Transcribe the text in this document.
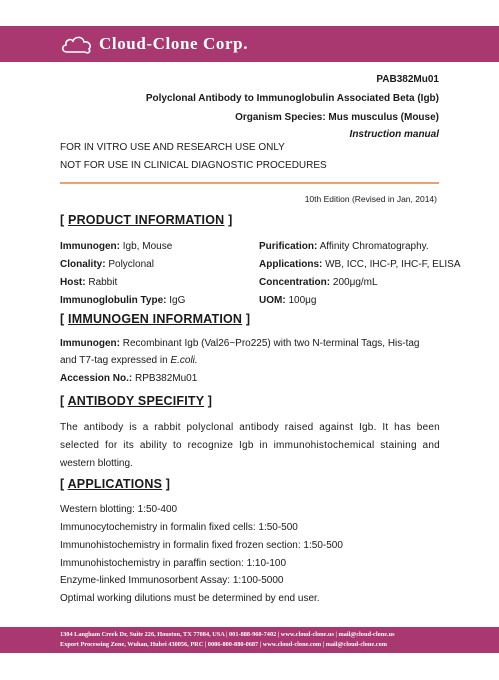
Cloud-Clone Corp.
PAB382Mu01
Polyclonal Antibody to Immunoglobulin Associated Beta (Igb)
Organism Species: Mus musculus (Mouse)
Instruction manual
FOR IN VITRO USE AND RESEARCH USE ONLY
NOT FOR USE IN CLINICAL DIAGNOSTIC PROCEDURES
10th Edition (Revised in Jan, 2014)
[ PRODUCT INFORMATION ]
Immunogen: Igb, Mouse
Clonality: Polyclonal
Host: Rabbit
Immunoglobulin Type: IgG
Purification: Affinity Chromatography.
Applications: WB, ICC, IHC-P, IHC-F, ELISA
Concentration: 200μg/mL
UOM: 100μg
[ IMMUNOGEN INFORMATION ]
Immunogen: Recombinant Igb (Val26~Pro225) with two N-terminal Tags, His-tag
and T7-tag expressed in E.coli.
Accession No.: RPB382Mu01
[ ANTIBODY SPECIFITY ]
The antibody is a rabbit polyclonal antibody raised against Igb. It has been
selected for its ability to recognize Igb in immunohistochemical staining and
western blotting.
[ APPLICATIONS ]
Western blotting: 1:50-400
Immunocytochemistry in formalin fixed cells: 1:50-500
Immunohistochemistry in formalin fixed frozen section: 1:50-500
Immunohistochemistry in paraffin section: 1:10-100
Enzyme-linked Immunosorbent Assay: 1:100-5000
Optimal working dilutions must be determined by end user.
1304 Langham Creek Dr, Suite 226, Houston, TX 77084, USA | 001-888-960-7402 | www.cloud-clone.us | mail@cloud-clone.us
Export Processing Zone, Wuhan, Hubei 430056, PRC | 0086-800-880-0687 | www.cloud-clone.com | mail@cloud-clone.com
